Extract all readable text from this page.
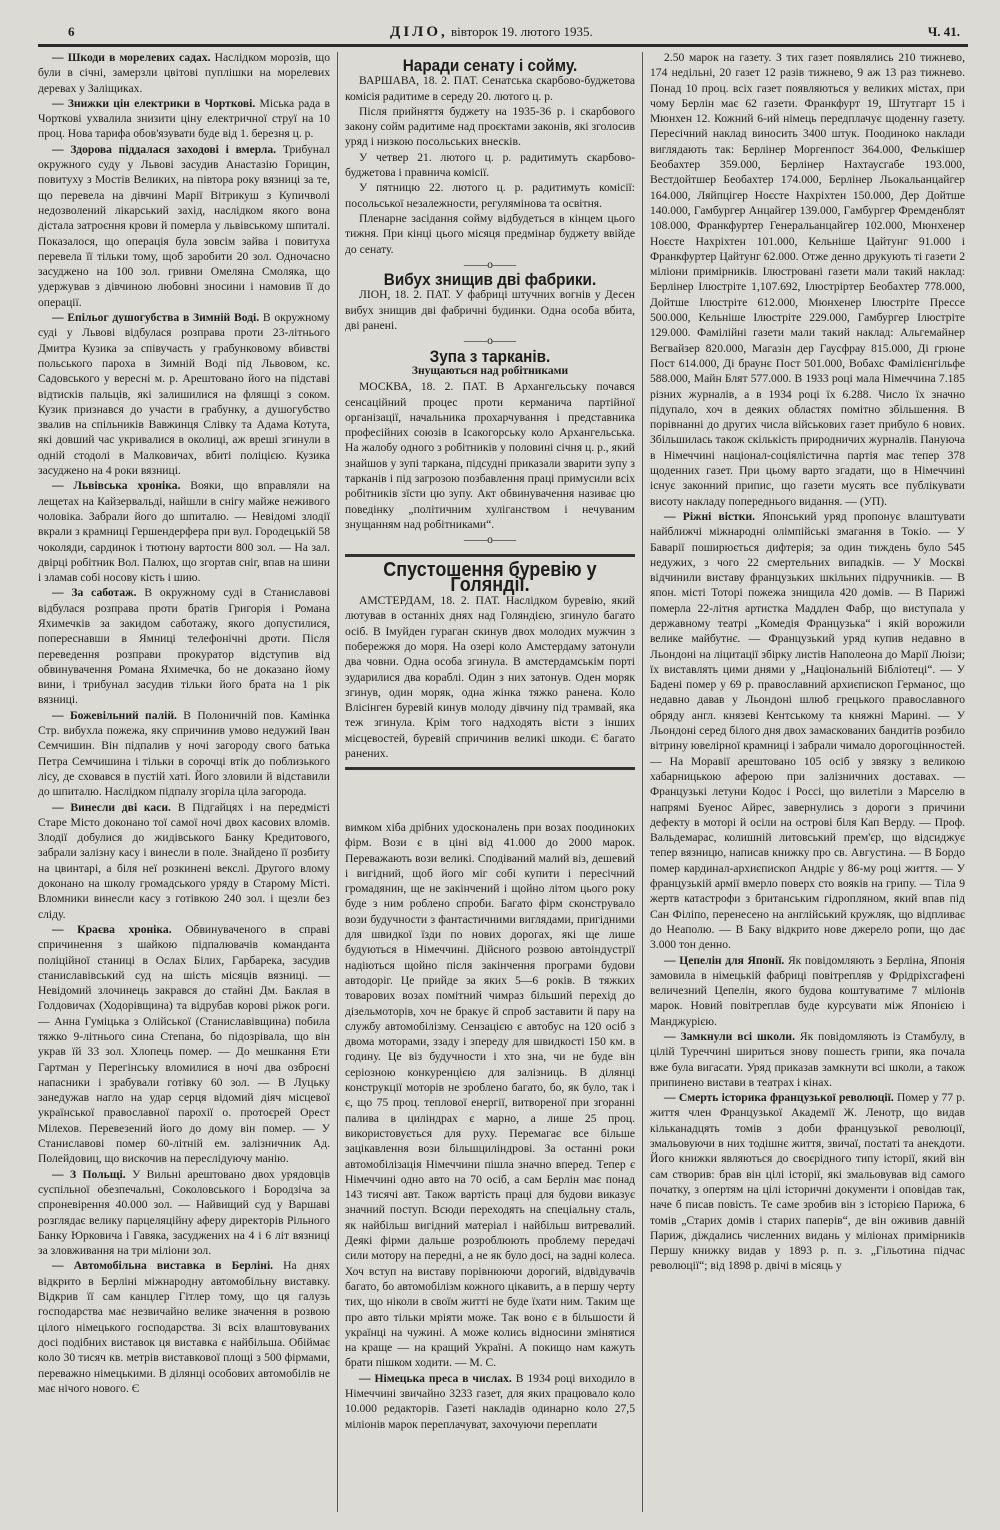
6	ДІЛО, вівторок 19. лютого 1935.	Ч. 41.

— Шкоди в морелевих садах. Наслідком морозів, що були в січні, замерзли цвітові пуплішки на морелевих деревах у Заліщиках.

— Знижки цін електрики в Чорткові. Міська рада в Чорткові ухвалила знизити ціну електричної струї на 10 проц. Нова тарифа обов'язувати буде від 1. березня ц. р.

— Здорова піддалася заходові і вмерла. Трибунал окружного суду у Львові засудив Анастазію Горицин, повитуху з Мостів Великих, на півтора року вязниці за те, що перевела на дівчині Марії Вітрикуш з Купичволі недозволений лікарський захід, наслідком якого вона дістала затроєння крови й померла у львівському шпиталі. Показалося, що операція була зовсім зайва і повитуха перевела її тільки тому, щоб заробити 20 зол. Одночасно засуджено на 100 зол. гривни Омеляна Смоляка, що удержував з дівчиною любовні зносини і намовив її до операції.

— Епільог душогубства в Зимній Воді. В окружному суді у Львові відбулася розправа проти 23-літнього Дмитра Кузика за співучасть у грабунковому вбивстві польського пароха в Зимній Воді під Львовом, кс. Садовського у вересні м. р. Арештовано його на підставі відтисків пальців, які залишилися на фляшці з соком. Кузик признався до участи в грабунку, а душогубство звалив на спільників Вавжинця Слівку та Адама Котута, які довший час укривалися в околиці, аж вреші згинули в одній стодолі в Малковичах, вбиті поліцією. Кузика засуджено на 4 роки вязниці.

— Львівська хроніка. Вояки, що вправляли на лещетах на Кайзервальді, найшли в снігу майже неживого чоловіка. Забрали його до шпиталю. — Невідомі злодії вкрали з крамниці Гершендерфера при вул. Городецькій 58 чоколяди, сардинок і тютюну вартости 800 зол. — На зал. двірці робітник Вол. Палюх, що згортав сніг, впав на шини і зламав собі носову кість і шию.

— За саботаж. В окружному суді в Станиславові відбулася розправа проти братів Григорія і Романа Яхимечків за закидом саботажу, якого допустилися, попереснавши в Ямниці телефонічні дроти. Після переведення розправи прокуратор відступив від обвинувачення Романа Яхимечка, бо не доказано йому вини, і трибунал засудив тільки його брата на 1 рік вязниці.

— Божевільний палій. В Полоничній пов. Камінка Стр. вибухла пожежа, яку спричинив умово недужий Іван Семчишин. Він підпалив у ночі загороду свого батька Петра Семчишина і тільки в сорочці втік до поблизького лісу, де сховався в пустій хаті. Його зловили й відставили до шпиталю. Наслідком підпалу згоріла ціла загорода.

— Винесли дві каси. В Підгайцях і на передмісті Старе Місто доконано тої самої ночі двох касових вломів. Злодії добулися до жидівського Банку Кредитового, забрали залізну касу і винесли в поле. Знайдено її розбиту на цвинтарі, а біля неї розкинені векслі. Другого влому доконано на школу громадського уряду в Старому Місті. Вломники винесли касу з готівкою 240 зол. і щезли без сліду.

— Краєва хроніка. Обвинуваченого в справі спричинення з шайкою підпалювачів команданта поліційної станиці в Ослах Білих, Гарбарека, засудив станиславівський суд на шість місяців вязниці. — Невідомий злочинець закрався до стайні Дм. Баклая в Голдовичах (Ходорівщина) та відрубав корові ріжок роги. — Анна Гуміцька з Олійської (Станиславівщина) побила тяжко 9-літнього сина Степана, бо підозрівала, що він украв їй 33 зол. Хлопець помер. — До мешкання Ети Гартман у Перегінську вломилися в ночі два озброєні напасники і зрабували готівку 60 зол. — В Луцьку занедужав нагло на удар серця відомий діяч місцевої української православної парохії о. протоєрей Орест Мілехов. Перевезений його до дому він помер. — У Станиславові помер 60-літній ем. залізничник Ад. Полейдовиц, що вискочив на переслідуючу манію.

— З Польщі. У Вильні арештовано двох урядовців суспільної обезпечальні, Соколовського і Бородзіча за спроневірення 40.000 зол. — Найвищий суд у Варшаві розглядає велику парцеляційну аферу директорів Рільного Банку Юрковича і Гавяка, засуджених на 4 і 6 літ вязниці за зловживання на три міліони зол.

— Автомобільна виставка в Берліні. На днях відкрито в Берліні міжнародну автомобільну виставку. Відкрив її сам канцлер Гітлер тому, що ця галузь господарства має незвичайно велике значення в розвою цілого німецького господарства. Зі всіх влаштовуваних досі подібних виставок ця виставка є найбільша. Обіймає коло 30 тисяч кв. метрів виставкової площі з 500 фірмами, переважно німецькими. В ділянці особових автомобілів не має нічого нового. Є

Наради сенату і сойму.

ВАРШАВА, 18. 2. ПАТ. Сенатська скарбово-буджетова комісія радитиме в середу 20. лютого ц. р.

Після прийняття буджету на 1935-36 р. і скарбового закону сойм радитиме над проєктами законів, які зголосив уряд і низкою посольських внесків.

У четвер 21. лютого ц. р. радитимуть скарбово-буджетова і правнича комісії.

У пятницю 22. лютого ц. р. радитимуть комісії: посольської незалежности, регулямінова та освітня.

Пленарне засідання сойму відбудеться в кінцем цього тижня. При кінці цього місяця предмінар буджету ввійде до сенату.

——o——

Вибух знищив дві фабрики.

ЛІОН, 18. 2. ПАТ. У фабриці штучних вогнів у Десен вибух знищив дві фабричні будинки. Одна особа вбита, дві ранені.

——o——

Зупа з тарканів.

Знущаються над робітниками

МОСКВА, 18. 2. ПАТ. В Архангельську почався сенсаційний процес проти керманича партійної організації, начальника прохарчування і представника професійних союзів в Ісакогорську коло Архангельська. На жалобу одного з робітників у половині січня ц. р., який знайшов у зупі таркана, підсудні приказали зварити зупу з тарканів і під загрозою позбавлення праці примусили всіх робітників зїсти цю зупу. Акт обвинувачення називає цю поведінку „політичним хуліганством і нечуваним знущанням над робітниками“.

——o——

Спустошення буревію у Голяндії.

АМСТЕРДАМ, 18. 2. ПАТ. Наслідком буревію, який лютував в останніх днях над Голяндією, згинуло багато осіб. В Імуйден гураган скинув двох молодих мужчин з побережжя до моря. На озері коло Амстердаму затонули два човни. Одна особа згинула. В амстердамськім порті зударилися два кораблі. Один з них затонув. Оден моряк згинув, один моряк, одна жінка тяжко ранена. Коло Влісінген буревій кинув молоду дівчину під трамвай, яка теж згинула. Крім того надходять вісти з інших місцевостей, буревій спричинив великі шкоди. Є багато ранених.

вимком хіба дрібних удосконалень при возах поодиноких фірм. Вози є в ціні від 41.000 до 2000 марок. Переважають вози великі. Сподіваний малий віз, дешевий і вигідний, щоб його міг собі купити і пересічний громадянин, ще не закінчений і щойно літом цього року буде з ним роблено спроби. Багато фірм сконструвало вози будучности з фантастичними виглядами, пригідними для швидкої їзди по нових дорогах, які ще лише будуються в Німеччині. Дійсного розвою автоіндустрії надіються щойно після закінчення програми будови автодоріг. Це прийде за яких 5—6 років. В тяжких товарових возах помітний чимраз більший перехід до дізельмоторів, хоч не бракує й спроб заставити й пару на службу автомобілізму. Сензацією є автобус на 120 осіб з двома моторами, ззаду і зпереду для швидкості 150 км. в годину. Це віз будучности і хто зна, чи не буде він серіозною конкуренцією для залізниць. В ділянці конструкції моторів не зроблено багато, бо, як було, так і є, що 75 проц. теплової енергії, витвореної при згоранні палива в циліндрах є марно, а лише 25 проц. використовується для руху. Перемагає все більше зацікавлення вози більшциліндрові. За останні роки автомобілізація Німеччини пішла значно вперед. Тепер є Німеччині одно авто на 70 осіб, а сам Берлін має понад 143 тисячі авт. Також вартість праці для будови виказує значний поступ. Всюди переходять на спеціальну сталь, як найбільш вигідний матеріал і найбільш витревалий. Деякі фірми дальше розроблюють проблему передачі сили мотору на передні, а не як було досі, на задні колеса. Хоч вступ на виставу порівнюючи дорогий, відвідувачів багато, бо автомобілізм кожного цікавить, а в першу черту тих, що ніколи в своїм житті не буде їхати ним. Таким ще про авто тільки мріяти може. Так воно є в більшости й українці на чужині. А може колись відносини змінятися на краще — на кращий Україні. А покищо нам кажуть брати пішком ходити. — М. С.

— Німецька преса в числах. В 1934 році виходило в Німеччині звичайно 3233 газет, для яких працювало коло 10.000 редакторів. Газеті накладів одинарно коло 27,5 міліонів марок переплачуват, захочуючи переплати

2.50 марок на газету. З тих газет появлялись 210 тижнево, 174 недільні, 20 газет 12 разів тижнево, 9 аж 13 раз тижнево. Понад 10 проц. всіх газет появляються у великих містах, при чому Берлін має 62 газети. Франкфурт 19, Штутгарт 15 і Мюнхен 12. Кожний 6-ий німець передплачує щоденну газету. Пересічний наклад виносить 3400 штук. Поодиноко наклади виглядають так: Берлінер Моргенпост 364.000, Фелькішер Беобахтер 359.000, Берлінер Нахтаусгабе 193.000, Вестдойтшер Беобахтер 174.000, Берлінер Льокальанцайгер 164.000, Ляйпцігер Ноєсте Нахріхтен 150.000, Дер Дойтше 140.000, Гамбургер Анцайгер 139.000, Гамбургер Фремденблят 108.000, Франкфуртер Генеральанцайгер 102.000, Мюнхенер Ноєсте Нахріхтен 101.000, Кельніше Цайтунг 91.000 і Франкфуртер Цайтунг 62.000. Отже денно друкують ті газети 2 міліони примірників. Ілюстровані газети мали такий наклад: Берлінер Ілюстріте 1,107.692, Ілюстріртер Беобахтер 778.000, Дойтше Ілюстріте 612.000, Мюнхенер Ілюстріте Прессе 500.000, Кельніше Ілюстріте 229.000, Гамбургер Ілюстріте 129.000. Фамілійні газети мали такий наклад: Альгемайнер Вегвайзер 820.000, Магазін дер Гаусфрау 815.000, Ді грюне Пост 614.000, Ді браунє Пост 501.000, Вобахс Фамілієнгільфе 588.000, Майн Блят 577.000. В 1933 році мала Німеччина 7.185 різних журналів, а в 1934 році їх 6.288. Число їх значно підупало, хоч в деяких областях помітно збільшення. В порівнанні до других числа військових газет прибуло 6 нових. Збільшилась також скількість природничих журналів. Пануюча в Німеччині націонал-соціялістична партія має тепер 378 щоденних газет. При цьому варто згадати, що в Німеччині існує законний припис, що газети мусять все публікувати висоту накладу попереднього видання. — (УП).

— Ріжні вістки. Японський уряд пропонує влаштувати найближчі міжнародні олімпійські змагання в Токіо. — У Баварії поширюється дифтерія; за один тиждень було 545 недужих, з чого 22 смертельних випадків. — У Москві відчинили виставу французьких шкільних підручників. — В япон. місті Тоторі пожежа знищила 420 домів. — В Парижі померла 22-літня артистка Маддлен Фабр, що виступала у державному театрі „Комедія Французька“ і якій ворожили велике майбутнє. — Французький уряд купив недавно в Льондоні на ліцитації збірку листів Наполеона до Марії Люізи; їх виставлять цими днями у „Національній Бібліотеці“. — У Бадені помер у 69 р. православний архиєпископ Германос, що недавно давав у Льондоні шлюб грецького православного обряду англ. князеві Кентському та княжні Марині. — У Льондоні серед білого дня двох замаскованих бандитів розбило вітрину ювелірної крамниці і забрали чимало дорогоцінностей. — На Моравії арештовано 105 осіб у звязку з великою хабарницькою аферою при залізничних доставах. — Французькі летуни Кодос і Россі, що вилетіли з Марселю в напрямі Буенос Айрес, завернулись з дороги з причини дефекту в моторі й осіли на острові біля Кап Верду. — Проф. Вальдемарас, колишній литовський прем'єр, що відсиджує тепер вязницю, написав книжку про св. Августина. — В Бордо помер кардинал-архиєпископ Андріє у 86-му році життя. — У французькій армії вмерло поверх сто вояків на грипу. — Тіла 9 жертв катастрофи з британським гідропляном, який впав під Сан Філіпо, перенесено на англійський кружляк, що відпливає до Неаполю. — В Баку відкрито нове джерело ропи, що дає 3.000 тон денно.

— Цепелін для Японії. Як повідомляють з Берліна, Японія замовила в німецькій фабриці повітрепляв у Фрідріхсгафені величезний Цепелін, якого будова коштуватиме 7 міліонів марок. Новий повітреплав буде курсувати між Японією і Манджурією.

— Замкнули всі школи. Як повідомляють із Стамбулу, в цілій Туреччині шириться знову пошесть грипи, яка почала вже була вигасати. Уряд приказав замкнути всі школи, а також припинено вистави в театрах і кінах.

— Смерть історика французької революції. Помер у 77 р. життя член Французької Академії Ж. Ленотр, що видав кільканадцять томів з доби французької революції, змальовуючи в них тодішнє життя, звичаї, постаті та анекдоти. Його книжки являються до своєрідного типу історії, який він сам створив: брав він цілі історії, які змальовував від самого початку, з опертям на цілі історичні документи і оповідав так, наче б писав повість. Те саме зробив він з історією Парижа, 6 томів „Старих домів і старих паперів“, де він оживив давній Париж, діждались численних видань у міліонах примірників Першу книжку видав у 1893 р. п. з. „Гільотина підчас революції“; від 1898 р. двічі в місяць у
